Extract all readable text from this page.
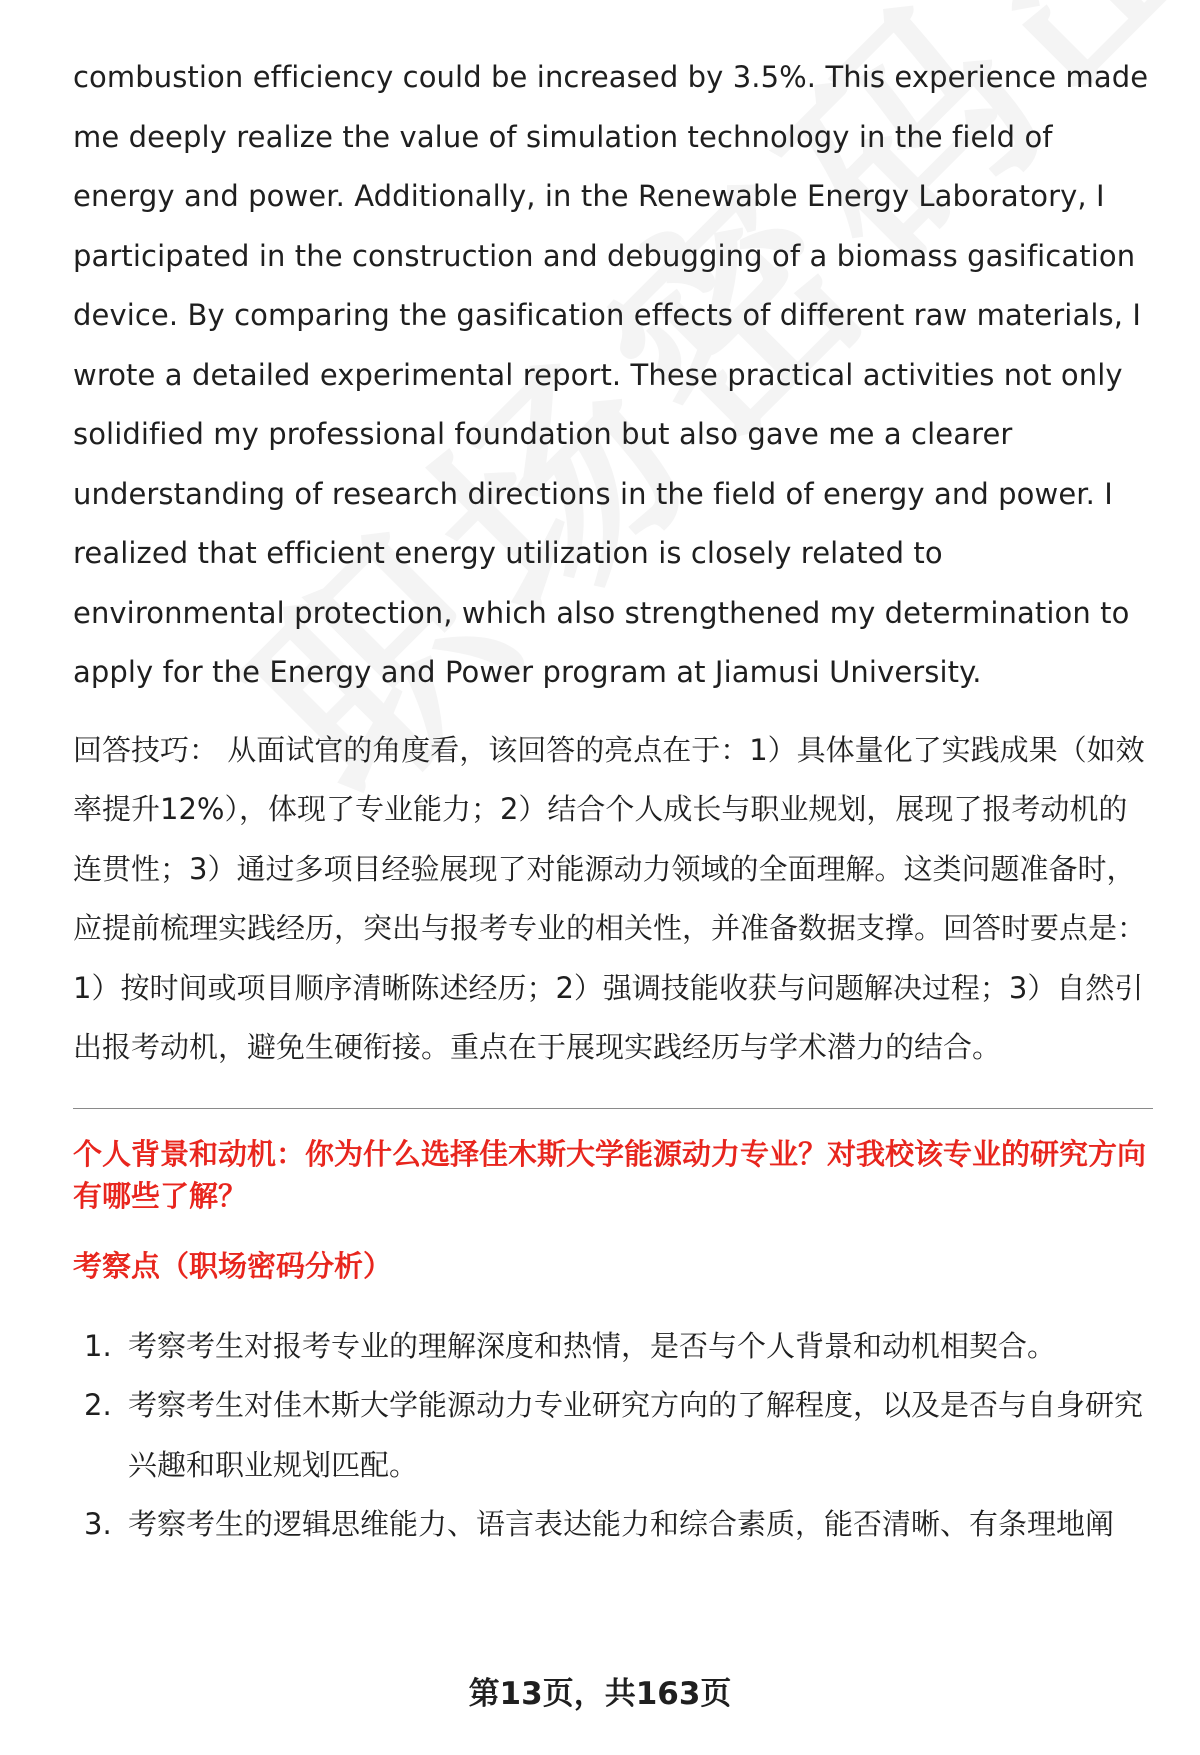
combustion efficiency could be increased by 3.5%. This experience made me deeply realize the value of simulation technology in the field of energy and power. Additionally, in the Renewable Energy Laboratory, I participated in the construction and debugging of a biomass gasification device. By comparing the gasification effects of different raw materials, I wrote a detailed experimental report. These practical activities not only solidified my professional foundation but also gave me a clearer understanding of research directions in the field of energy and power. I realized that efficient energy utilization is closely related to environmental protection, which also strengthened my determination to apply for the Energy and Power program at Jiamusi University.

回答技巧： 从面试官的角度看，该回答的亮点在于：1）具体量化了实践成果（如效率提升12%），体现了专业能力；2）结合个人成长与职业规划，展现了报考动机的连贯性；3）通过多项目经验展现了对能源动力领域的全面理解。这类问题准备时，应提前梳理实践经历，突出与报考专业的相关性，并准备数据支撑。回答时要点是：1）按时间或项目顺序清晰陈述经历；2）强调技能收获与问题解决过程；3）自然引出报考动机，避免生硬衔接。重点在于展现实践经历与学术潜力的结合。

个人背景和动机：你为什么选择佳木斯大学能源动力专业？对我校该专业的研究方向有哪些了解？
考察点（职场密码分析）
1. 考察考生对报考专业的理解深度和热情，是否与个人背景和动机相契合。
2. 考察考生对佳木斯大学能源动力专业研究方向的了解程度，以及是否与自身研究兴趣和职业规划匹配。
3. 考察考生的逻辑思维能力、语言表达能力和综合素质，能否清晰、有条理地阐
第13页，共163页
